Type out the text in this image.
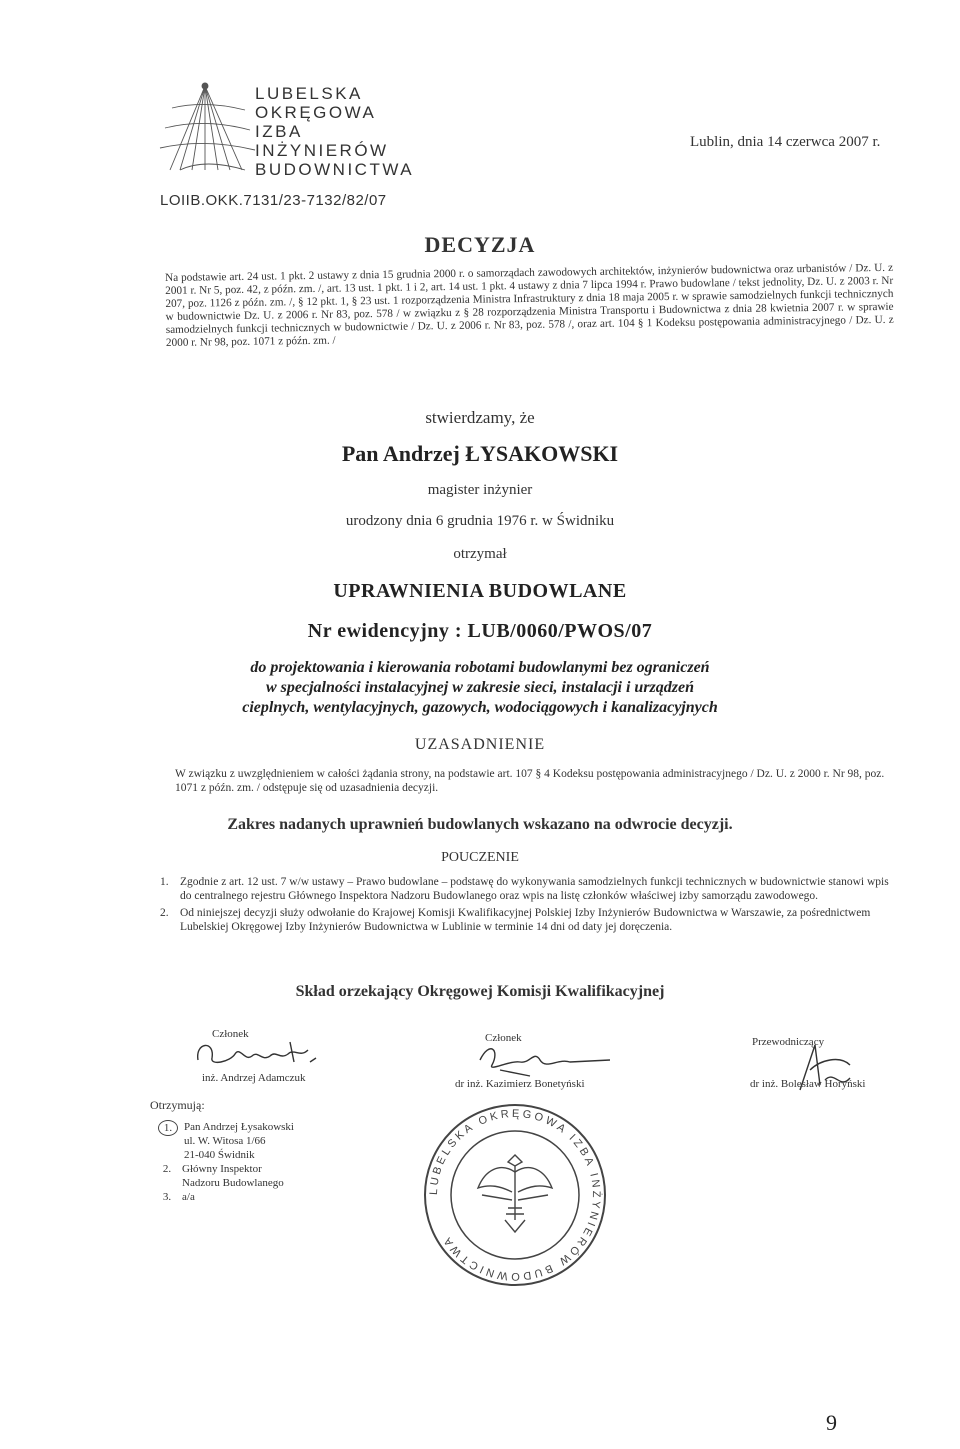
LUBELSKA
OKRĘGOWA
IZBA
INŻYNIERÓW
BUDOWNICTWA
LOIIB.OKK.7131/23-7132/82/07
Lublin, dnia 14 czerwca 2007 r.
DECYZJA
Na podstawie art. 24 ust. 1 pkt. 2 ustawy z dnia 15 grudnia 2000 r. o samorządach zawodowych architektów, inżynierów budownictwa oraz urbanistów / Dz. U. z 2001 r. Nr 5, poz. 42, z późn. zm. /, art. 13 ust. 1 pkt. 1 i 2, art. 14 ust. 1 pkt. 4 ustawy z dnia 7 lipca 1994 r. Prawo budowlane / tekst jednolity, Dz. U. z 2003 r. Nr 207, poz. 1126 z późn. zm. /, § 12 pkt. 1, § 23 ust. 1 rozporządzenia Ministra Infrastruktury z dnia 18 maja 2005 r. w sprawie samodzielnych funkcji technicznych w budownictwie Dz. U. z 2006 r. Nr 83, poz. 578 / w związku z § 28 rozporządzenia Ministra Transportu i Budownictwa z dnia 28 kwietnia 2007 r. w sprawie samodzielnych funkcji technicznych w budownictwie / Dz. U. z 2006 r. Nr 83, poz. 578 /, oraz art. 104 § 1 Kodeksu postępowania administracyjnego / Dz. U. z 2000 r. Nr 98, poz. 1071 z późn. zm. /
stwierdzamy, że
Pan Andrzej ŁYSAKOWSKI
magister inżynier
urodzony dnia 6 grudnia 1976 r. w Świdniku
otrzymał
UPRAWNIENIA BUDOWLANE
Nr ewidencyjny : LUB/0060/PWOS/07
do projektowania i kierowania robotami budowlanymi bez ograniczeń
w specjalności instalacyjnej w zakresie sieci, instalacji i urządzeń
cieplnych, wentylacyjnych, gazowych, wodociągowych i kanalizacyjnych
UZASADNIENIE
W związku z uwzględnieniem w całości żądania strony, na podstawie art. 107 § 4 Kodeksu postępowania administracyjnego / Dz. U. z 2000 r. Nr 98, poz. 1071 z późn. zm. / odstępuje się od uzasadnienia decyzji.
Zakres nadanych uprawnień budowlanych wskazano na odwrocie decyzji.
POUCZENIE
1. Zgodnie z art. 12 ust. 7 w/w ustawy – Prawo budowlane – podstawę do wykonywania samodzielnych funkcji technicznych w budownictwie stanowi wpis do centralnego rejestru Głównego Inspektora Nadzoru Budowlanego oraz wpis na listę członków właściwej izby samorządu zawodowego.
2. Od niniejszej decyzji służy odwołanie do Krajowej Komisji Kwalifikacyjnej Polskiej Izby Inżynierów Budownictwa w Warszawie, za pośrednictwem Lubelskiej Okręgowej Izby Inżynierów Budownictwa w Lublinie w terminie 14 dni od daty jej doręczenia.
Skład orzekający Okręgowej Komisji Kwalifikacyjnej
Członek
inż. Andrzej Adamczuk
Członek
dr inż. Kazimierz Bonetyński
Przewodniczący
dr inż. Bolesław Horyński
LUBELSKA OKRĘGOWA IZBA INŻYNIERÓW BUDOWNICTWA
Otrzymują:
1.	Pan Andrzej Łysakowski
ul. W. Witosa 1/66
21-040 Świdnik
2. Główny Inspektor
Nadzoru Budowlanego
3. a/a
9
